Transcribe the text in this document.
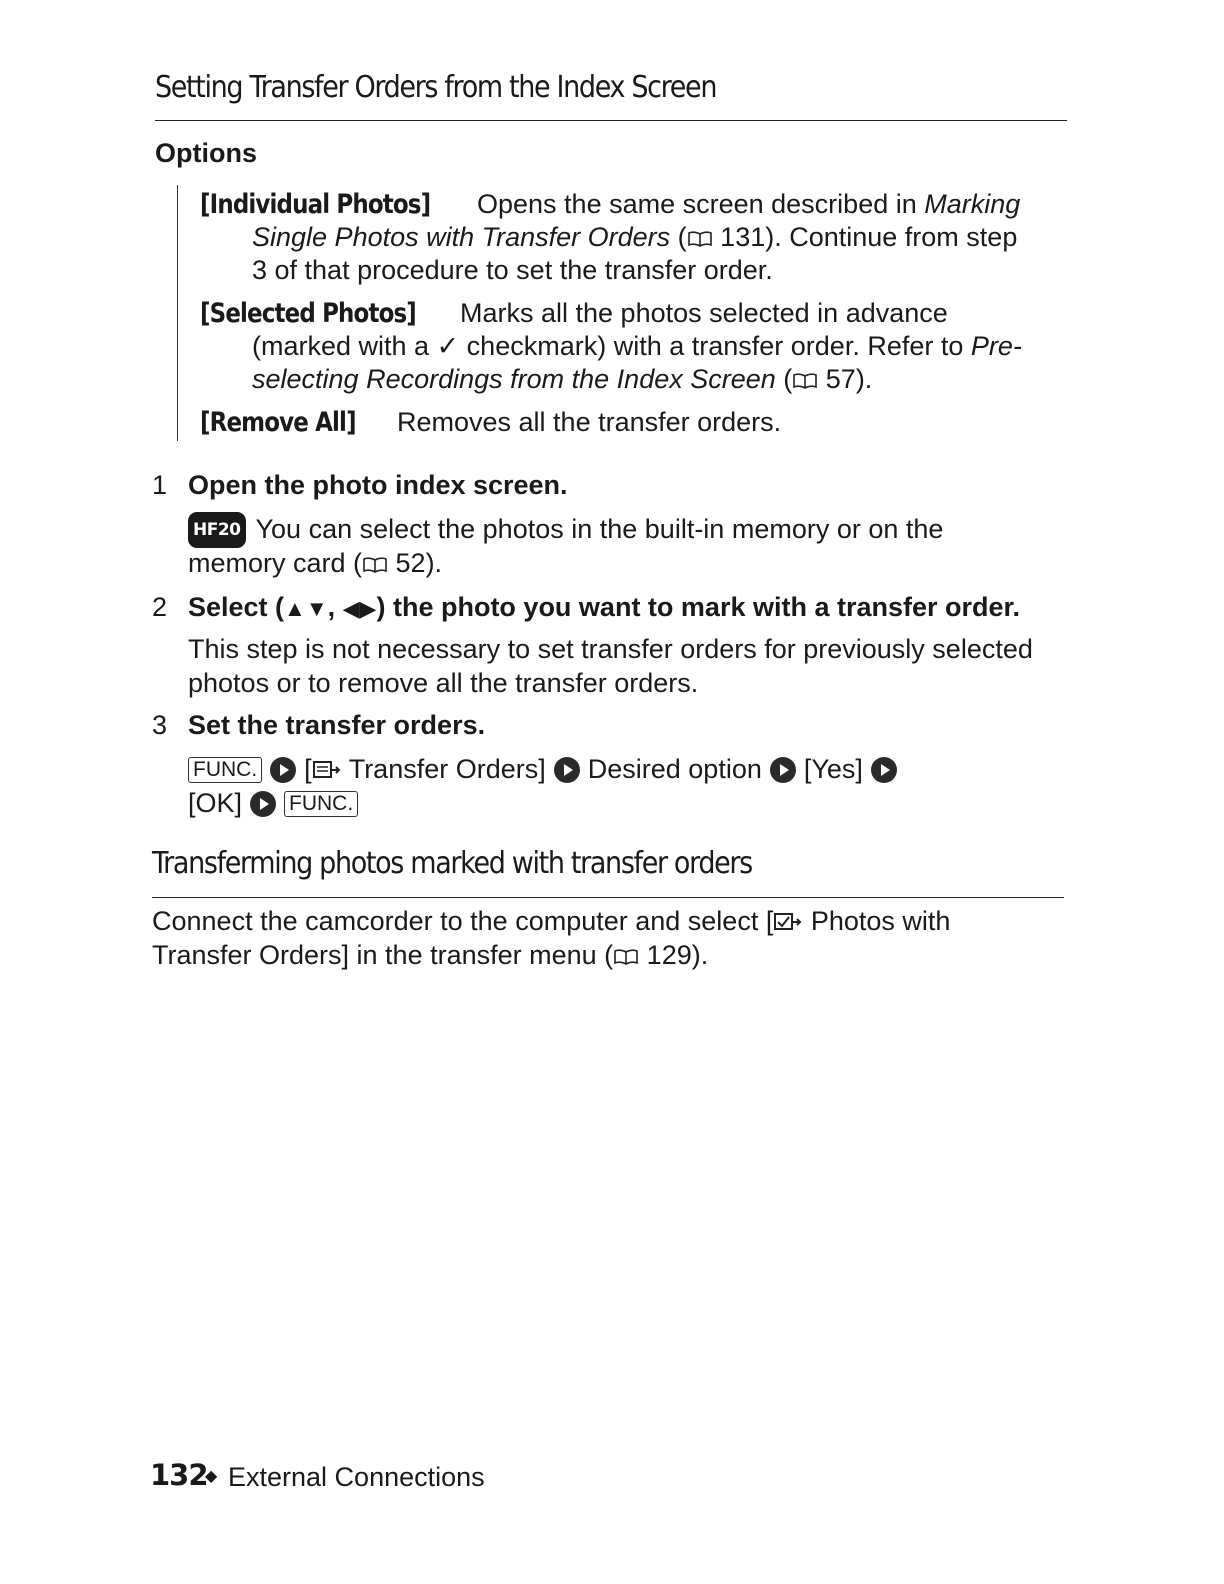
Setting Transfer Orders from the Index Screen
Options
[Individual Photos] Opens the same screen described in Marking
Single Photos with Transfer Orders ( 131). Continue from step
3 of that procedure to set the transfer order.
[Selected Photos] Marks all the photos selected in advance
(marked with a ✓ checkmark) with a transfer order. Refer to Pre-
selecting Recordings from the Index Screen ( 57).
[Remove All] Removes all the transfer orders.
1 Open the photo index screen.
HF20 You can select the photos in the built-in memory or on the
memory card ( 52).
2 Select (▲▼, ◀▶) the photo you want to mark with a transfer order.
This step is not necessary to set transfer orders for previously selected
photos or to remove all the transfer orders.
3 Set the transfer orders.
FUNC. [ Transfer Orders] Desired option [Yes]
[OK] FUNC.
Transferming photos marked with transfer orders
Connect the camcorder to the computer and select [ Photos with
Transfer Orders] in the transfer menu ( 129).
132
◆ External Connections
